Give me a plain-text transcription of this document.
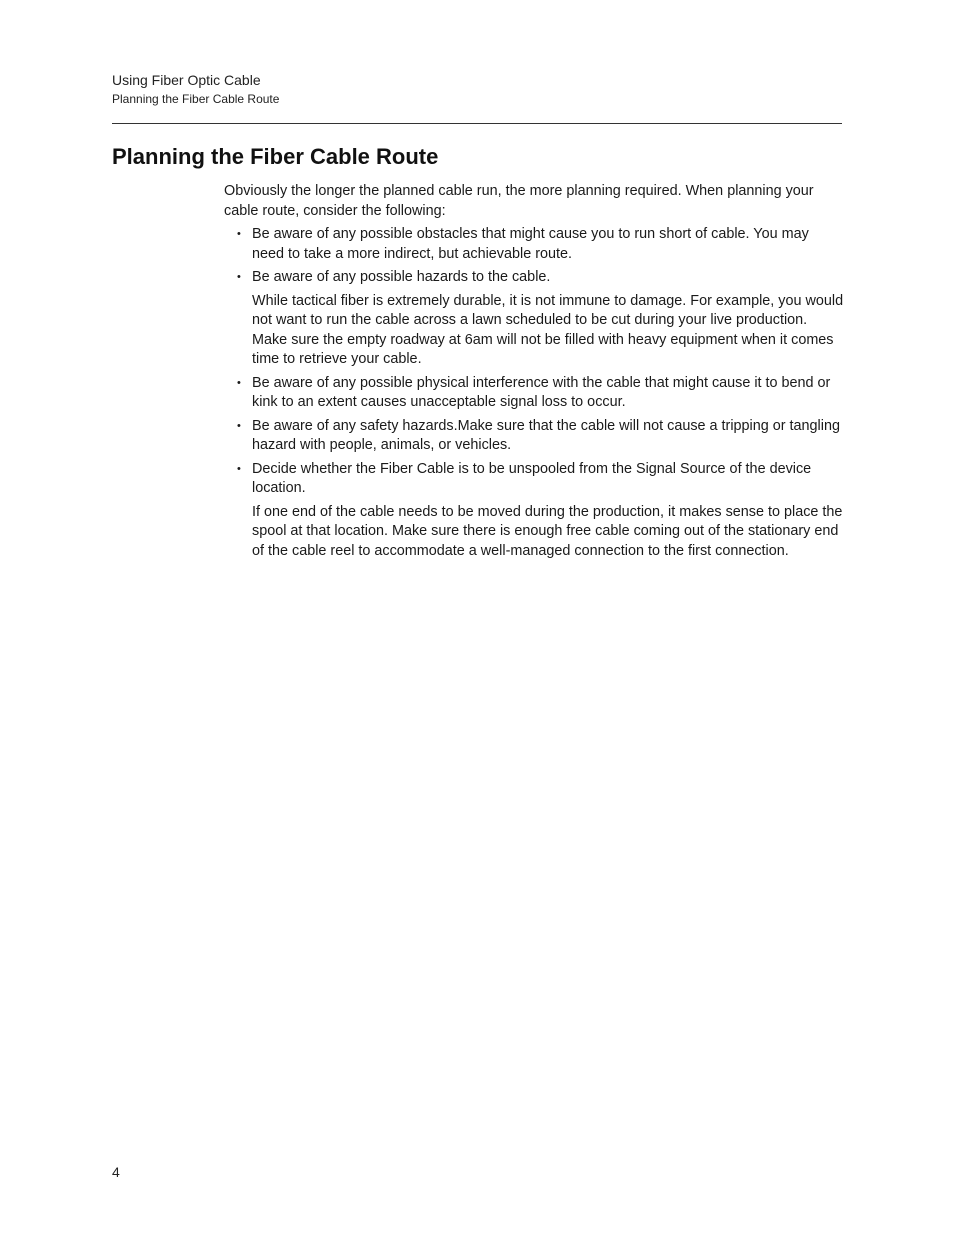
Using Fiber Optic Cable
Planning the Fiber Cable Route
Planning the Fiber Cable Route

Obviously the longer the planned cable run, the more planning required. When planning your cable route, consider the following:

• Be aware of any possible obstacles that might cause you to run short of cable. You may need to take a more indirect, but achievable route.
• Be aware of any possible hazards to the cable.
While tactical fiber is extremely durable, it is not immune to damage. For example, you would not want to run the cable across a lawn scheduled to be cut during your live production. Make sure the empty roadway at 6am will not be filled with heavy equipment when it comes time to retrieve your cable.
• Be aware of any possible physical interference with the cable that might cause it to bend or kink to an extent causes unacceptable signal loss to occur.
• Be aware of any safety hazards.Make sure that the cable will not cause a tripping or tangling hazard with people, animals, or vehicles.
• Decide whether the Fiber Cable is to be unspooled from the Signal Source of the device location.
If one end of the cable needs to be moved during the production, it makes sense to place the spool at that location. Make sure there is enough free cable coming out of the stationary end of the cable reel to accommodate a well-managed connection to the first connection.
4
